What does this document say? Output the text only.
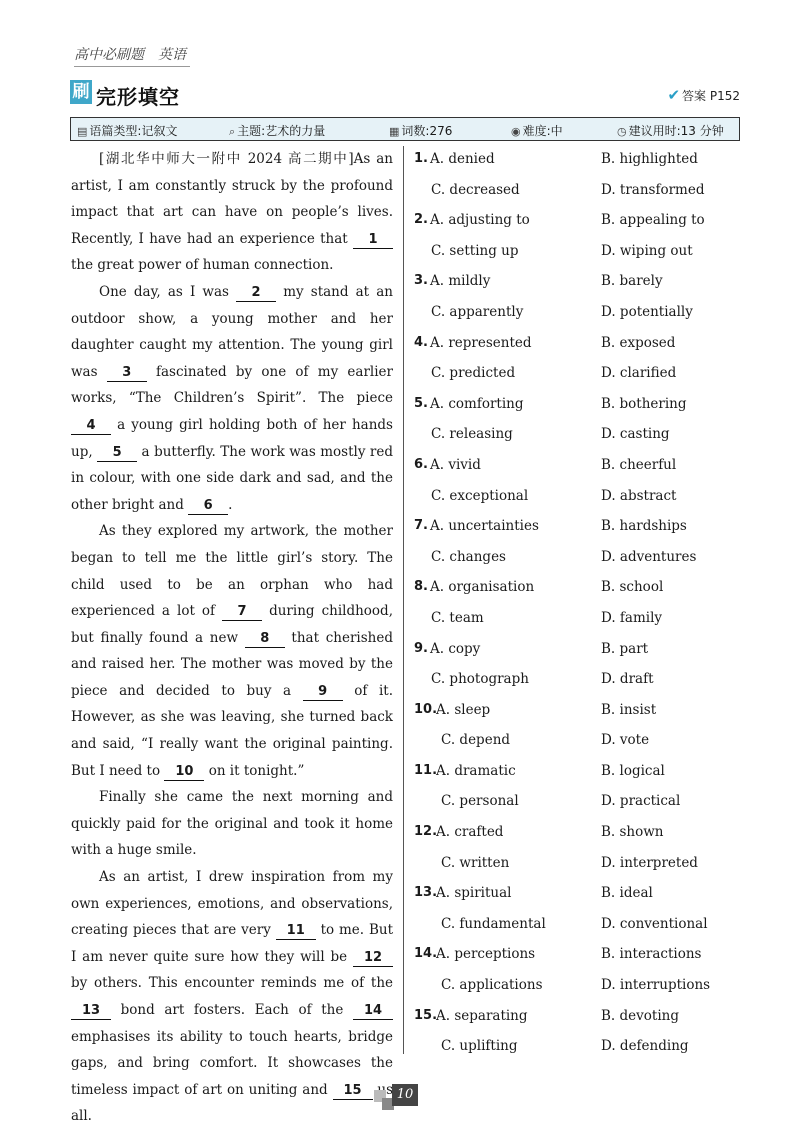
高中必刷题　英语
刷 完形填空	✔ 答案 P152
▤ 语篇类型:记叙文	⌕ 主题:艺术的力量	▦ 词数:276	◉ 难度:中	◷ 建议用时:13 分钟

[湖北华中师大一附中 2024 高二期中]As an artist, I am constantly struck by the profound impact that art can have on people’s lives. Recently, I have had an experience that 1 the great power of human connection.

One day, as I was 2 my stand at an outdoor show, a young mother and her daughter caught my attention. The young girl was 3 fascinated by one of my earlier works, “The Children’s Spirit”. The piece 4 a young girl holding both of her hands up, 5 a butterfly. The work was mostly red in colour, with one side dark and sad, and the other bright and 6 .

As they explored my artwork, the mother began to tell me the little girl’s story. The child used to be an orphan who had experienced a lot of 7 during childhood, but finally found a new 8 that cherished and raised her. The mother was moved by the piece and decided to buy a 9 of it. However, as she was leaving, she turned back and said, “I really want the original painting. But I need to 10 on it tonight.”

Finally she came the next morning and quickly paid for the original and took it home with a huge smile.

As an artist, I drew inspiration from my own experiences, emotions, and observations, creating pieces that are very 11 to me. But I am never quite sure how they will be 12 by others. This encounter reminds me of the 13 bond art fosters. Each of the 14 emphasises its ability to touch hearts, bridge gaps, and bring comfort. It showcases the timeless impact of art on uniting and 15 all.

1. A. denied	B. highlighted
C. decreased	D. transformed
2. A. adjusting to	B. appealing to
C. setting up	D. wiping out
3. A. mildly	B. barely
C. apparently	D. potentially
4. A. represented	B. exposed
C. predicted	D. clarified
5. A. comforting	B. bothering
C. releasing	D. casting
6. A. vivid	B. cheerful
C. exceptional	D. abstract
7. A. uncertainties	B. hardships
C. changes	D. adventures
8. A. organisation	B. school
C. team	D. family
9. A. copy	B. part
C. photograph	D. draft
10.
A. sleep	B. insist
C. depend	D. vote
11.
A. dramatic	B. logical
C. personal	D. practical
12.
A. crafted	B. shown
C. written	D. interpreted
13.
A. spiritual	B. ideal
C. fundamental	D. conventional
14.
A. perceptions	B. interactions
C. applications	D. interruptions
15.
A. separating	B. devoting
C. uplifting	D. defending
10
